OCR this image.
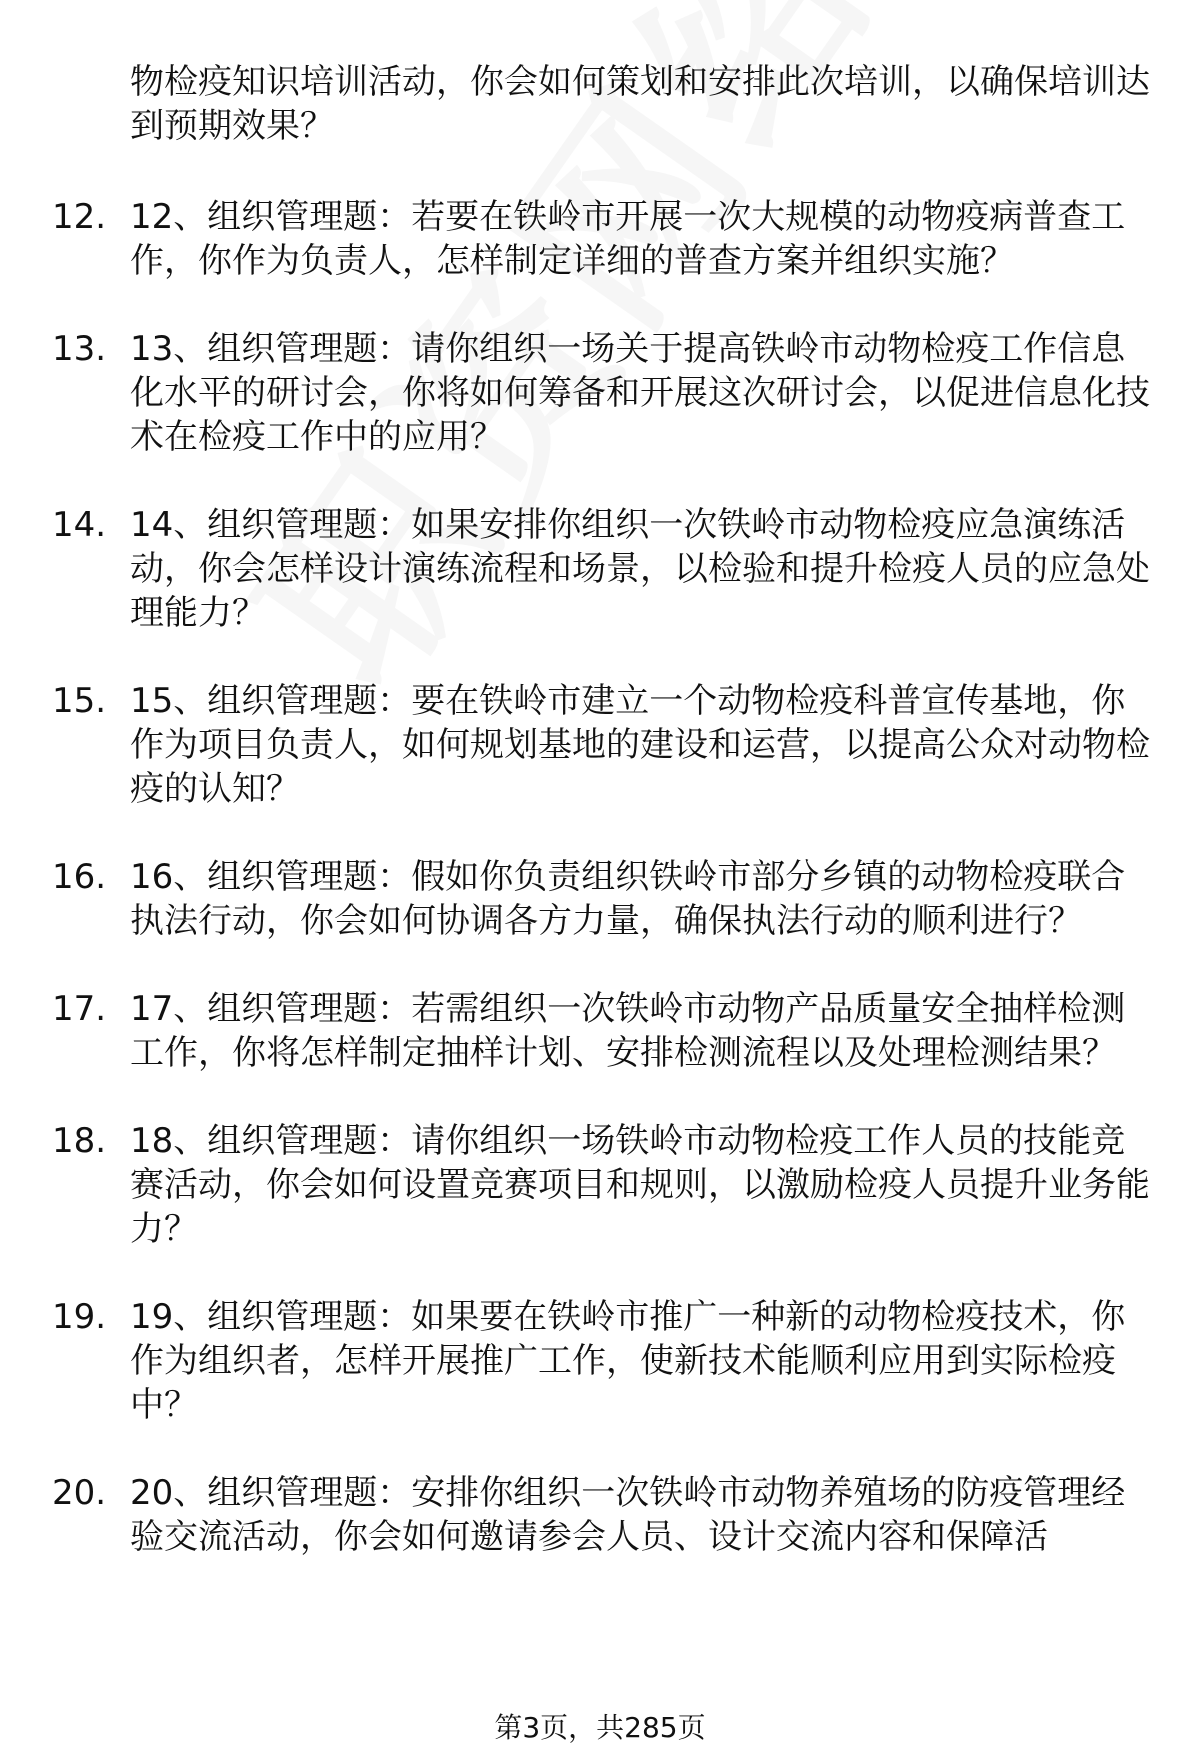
物检疫知识培训活动，你会如何策划和安排此次培训，以确保培训达到预期效果？
12. 12、组织管理题：若要在铁岭市开展一次大规模的动物疫病普查工作，你作为负责人，怎样制定详细的普查方案并组织实施？
13. 13、组织管理题：请你组织一场关于提高铁岭市动物检疫工作信息化水平的研讨会，你将如何筹备和开展这次研讨会，以促进信息化技术在检疫工作中的应用？
14. 14、组织管理题：如果安排你组织一次铁岭市动物检疫应急演练活动，你会怎样设计演练流程和场景，以检验和提升检疫人员的应急处理能力？
15. 15、组织管理题：要在铁岭市建立一个动物检疫科普宣传基地，你作为项目负责人，如何规划基地的建设和运营，以提高公众对动物检疫的认知？
16. 16、组织管理题：假如你负责组织铁岭市部分乡镇的动物检疫联合执法行动，你会如何协调各方力量，确保执法行动的顺利进行？
17. 17、组织管理题：若需组织一次铁岭市动物产品质量安全抽样检测工作，你将怎样制定抽样计划、安排检测流程以及处理检测结果？
18. 18、组织管理题：请你组织一场铁岭市动物检疫工作人员的技能竞赛活动，你会如何设置竞赛项目和规则，以激励检疫人员提升业务能力？
19. 19、组织管理题：如果要在铁岭市推广一种新的动物检疫技术，你作为组织者，怎样开展推广工作，使新技术能顺利应用到实际检疫中？
20. 20、组织管理题：安排你组织一次铁岭市动物养殖场的防疫管理经验交流活动，你会如何邀请参会人员、设计交流内容和保障活
第3页，共285页
